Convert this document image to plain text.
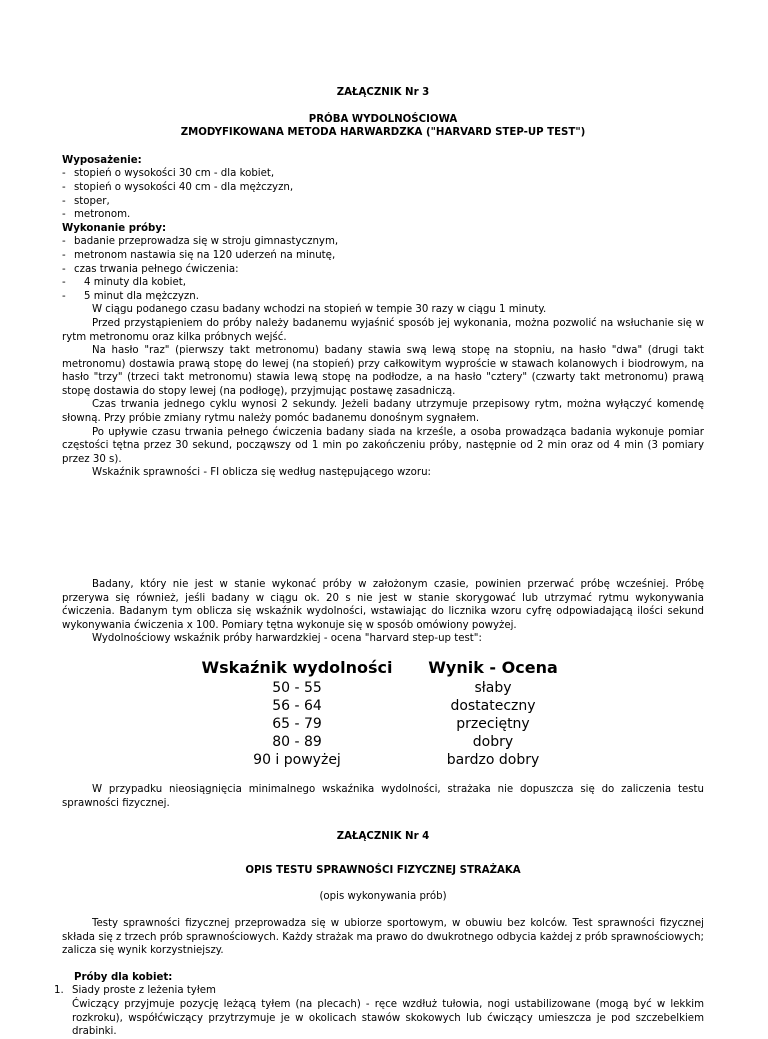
ZAŁĄCZNIK Nr 3

PRÓBA WYDOLNOŚCIOWA

ZMODYFIKOWANA METODA HARWARDZKA ("HARVARD STEP-UP TEST")

Wyposażenie:

- stopień o wysokości 30 cm - dla kobiet,
- stopień o wysokości 40 cm - dla mężczyzn,
- stoper,
- metronom.

Wykonanie próby:

- badanie przeprowadza się w stroju gimnastycznym,
- metronom nastawia się na 120 uderzeń na minutę,
- czas trwania pełnego ćwiczenia:
- 4 minuty dla kobiet,
- 5 minut dla mężczyzn.

W ciągu podanego czasu badany wchodzi na stopień w tempie 30 razy w ciągu 1 minuty.

Przed przystąpieniem do próby należy badanemu wyjaśnić sposób jej wykonania, można pozwolić na wsłuchanie się w rytm metronomu oraz kilka próbnych wejść.

Na hasło "raz" (pierwszy takt metronomu) badany stawia swą lewą stopę na stopniu, na hasło "dwa" (drugi takt metronomu) dostawia prawą stopę do lewej (na stopień) przy całkowitym wyproście w stawach kolanowych i biodrowym, na hasło "trzy" (trzeci takt metronomu) stawia lewą stopę na podłodze, a na hasło "cztery" (czwarty takt metronomu) prawą stopę dostawia do stopy lewej (na podłogę), przyjmując postawę zasadniczą.

Czas trwania jednego cyklu wynosi 2 sekundy. Jeżeli badany utrzymuje przepisowy rytm, można wyłączyć komendę słowną. Przy próbie zmiany rytmu należy pomóc badanemu donośnym sygnałem.

Po upływie czasu trwania pełnego ćwiczenia badany siada na krześle, a osoba prowadząca badania wykonuje pomiar częstości tętna przez 30 sekund, począwszy od 1 min po zakończeniu próby, następnie od 2 min oraz od 4 min (3 pomiary przez 30 s).

Wskaźnik sprawności - FI oblicza się według następującego wzoru:

Badany, który nie jest w stanie wykonać próby w założonym czasie, powinien przerwać próbę wcześniej. Próbę przerywa się również, jeśli badany w ciągu ok. 20 s nie jest w stanie skorygować lub utrzymać rytmu wykonywania ćwiczenia. Badanym tym oblicza się wskaźnik wydolności, wstawiając do licznika wzoru cyfrę odpowiadającą ilości sekund wykonywania ćwiczenia x 100. Pomiary tętna wykonuje się w sposób omówiony powyżej.

Wydolnościowy wskaźnik próby harwardzkiej - ocena "harvard step-up test":

Wskaźnik wydolności		Wynik - Ocena
50 - 55		słaby
56 - 64		dostateczny
65 - 79		przeciętny
80 - 89		dobry
90 i powyżej		bardzo dobry

W przypadku nieosiągnięcia minimalnego wskaźnika wydolności, strażaka nie dopuszcza się do zaliczenia testu sprawności fizycznej.

ZAŁĄCZNIK Nr 4

OPIS TESTU SPRAWNOŚCI FIZYCZNEJ STRAŻAKA

(opis wykonywania prób)

Testy sprawności fizycznej przeprowadza się w ubiorze sportowym, w obuwiu bez kolców. Test sprawności fizycznej składa się z trzech prób sprawnościowych. Każdy strażak ma prawo do dwukrotnego odbycia każdej z prób sprawnościowych; zalicza się wynik korzystniejszy.

Próby dla kobiet:

1. Siady proste z leżenia tyłem

Ćwiczący przyjmuje pozycję leżącą tyłem (na plecach) - ręce wzdłuż tułowia, nogi ustabilizowane (mogą być w lekkim rozkroku), współćwiczący przytrzymuje je w okolicach stawów skokowych lub ćwiczący umieszcza je pod szczebelkiem drabinki.
